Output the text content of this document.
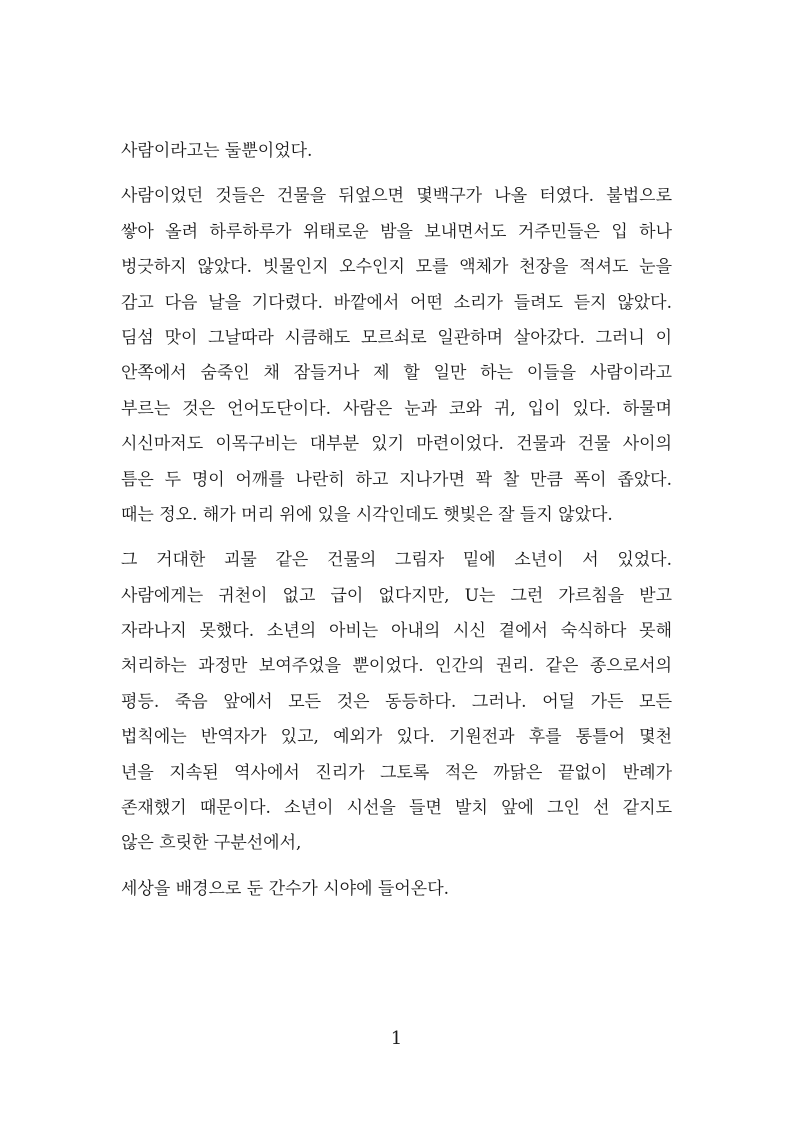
사람이라고는 둘뿐이었다.
사람이었던 것들은 건물을 뒤엎으면 몇백구가 나올 터였다. 불법으로
쌓아 올려 하루하루가 위태로운 밤을 보내면서도 거주민들은 입 하나
벙긋하지 않았다. 빗물인지 오수인지 모를 액체가 천장을 적셔도 눈을
감고 다음 날을 기다렸다. 바깥에서 어떤 소리가 들려도 듣지 않았다.
딤섬 맛이 그날따라 시큼해도 모르쇠로 일관하며 살아갔다. 그러니 이
안쪽에서 숨죽인 채 잠들거나 제 할 일만 하는 이들을 사람이라고
부르는 것은 언어도단이다. 사람은 눈과 코와 귀, 입이 있다. 하물며
시신마저도 이목구비는 대부분 있기 마련이었다. 건물과 건물 사이의
틈은 두 명이 어깨를 나란히 하고 지나가면 꽉 찰 만큼 폭이 좁았다.
때는 정오. 해가 머리 위에 있을 시각인데도 햇빛은 잘 들지 않았다.
그 거대한 괴물 같은 건물의 그림자 밑에 소년이 서 있었다.
사람에게는 귀천이 없고 급이 없다지만, U는 그런 가르침을 받고
자라나지 못했다. 소년의 아비는 아내의 시신 곁에서 숙식하다 못해
처리하는 과정만 보여주었을 뿐이었다. 인간의 권리. 같은 종으로서의
평등. 죽음 앞에서 모든 것은 동등하다. 그러나. 어딜 가든 모든
법칙에는 반역자가 있고, 예외가 있다. 기원전과 후를 통틀어 몇천
년을 지속된 역사에서 진리가 그토록 적은 까닭은 끝없이 반례가
존재했기 때문이다. 소년이 시선을 들면 발치 앞에 그인 선 같지도
않은 흐릿한 구분선에서,
세상을 배경으로 둔 간수가 시야에 들어온다.
1
